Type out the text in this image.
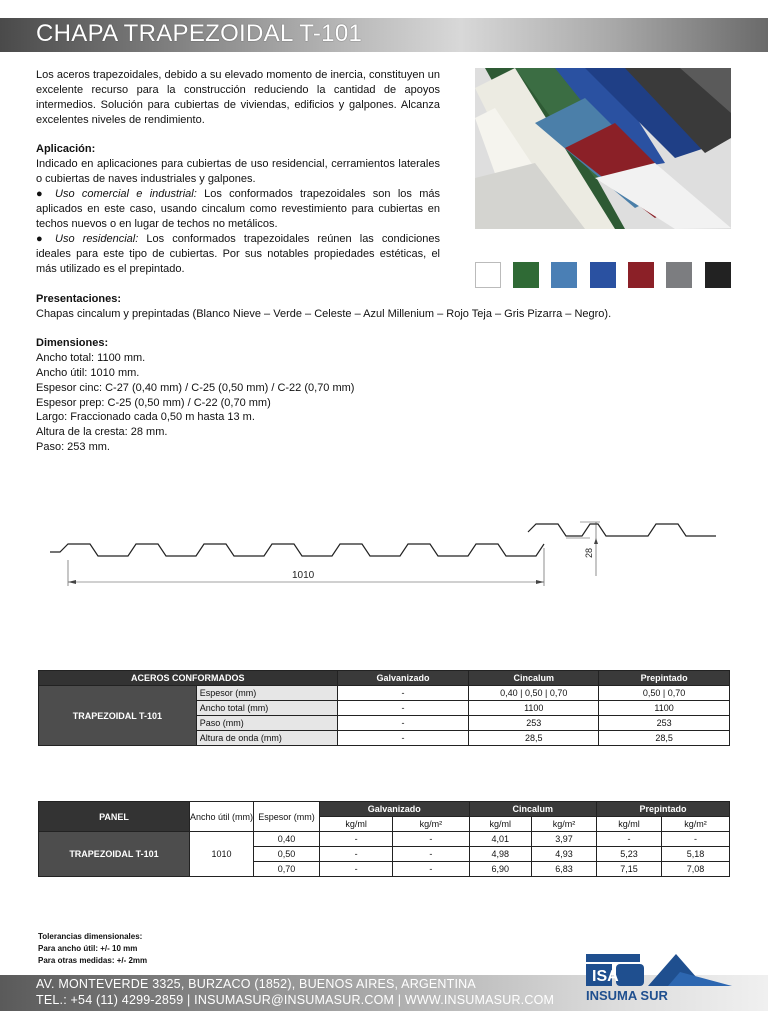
CHAPA TRAPEZOIDAL T-101
Los aceros trapezoidales, debido a su elevado momento de inercia, constituyen un excelente recurso para la construcción reduciendo la cantidad de apoyos intermedios. Solución para cubiertas de viviendas, edificios y galpones. Alcanza excelentes niveles de rendimiento.
Aplicación:
Indicado en aplicaciones para cubiertas de uso residencial, cerramientos laterales o cubiertas de naves industriales y galpones.
● Uso comercial e industrial: Los conformados trapezoidales son los más aplicados en este caso, usando cincalum como revestimiento para cubiertas en techos nuevos o en lugar de techos no metálicos.
● Uso residencial: Los conformados trapezoidales reúnen las condiciones ideales para este tipo de cubiertas. Por sus notables propiedades estéticas, el más utilizado es el prepintado.
Presentaciones:
Chapas cincalum y prepintadas (Blanco Nieve – Verde – Celeste – Azul Millenium – Rojo Teja – Gris Pizarra – Negro).
Dimensiones:
Ancho total: 1100 mm.
Ancho útil: 1010 mm.
Espesor cinc: C-27 (0,40 mm) / C-25 (0,50 mm) / C-22 (0,70 mm)
Espesor prep: C-25 (0,50 mm) / C-22 (0,70 mm)
Largo: Fraccionado cada 0,50 m hasta 13 m.
Altura de la cresta: 28 mm.
Paso: 253 mm.
1010
28
ACEROS CONFORMADOS		Galvanizado	Cincalum	Prepintado
TRAPEZOIDAL T-101	Espesor (mm)	-	0,40 | 0,50 | 0,70	0,50 | 0,70
	Ancho total (mm)	-	1100	1100
	Paso (mm)	-	253	253
	Altura de onda (mm)	-	28,5	28,5
PANEL	Ancho útil (mm)	Espesor (mm)	Galvanizado		Cincalum		Prepintado	
			kg/ml	kg/m²	kg/ml	kg/m²	kg/ml	kg/m²
TRAPEZOIDAL T-101	1010	0,40	-	-	4,01	3,97	-	-
		0,50	-	-	4,98	4,93	5,23	5,18
		0,70	-	-	6,90	6,83	7,15	7,08
Tolerancias dimensionales:
Para ancho útil: +/- 10 mm
Para otras medidas: +/- 2mm
AV. MONTEVERDE 3325, BURZACO (1852), BUENOS AIRES, ARGENTINA
TEL.: +54 (11) 4299-2859 | INSUMASUR@INSUMASUR.COM | WWW.INSUMASUR.COM
ISA
INSUMA SUR
